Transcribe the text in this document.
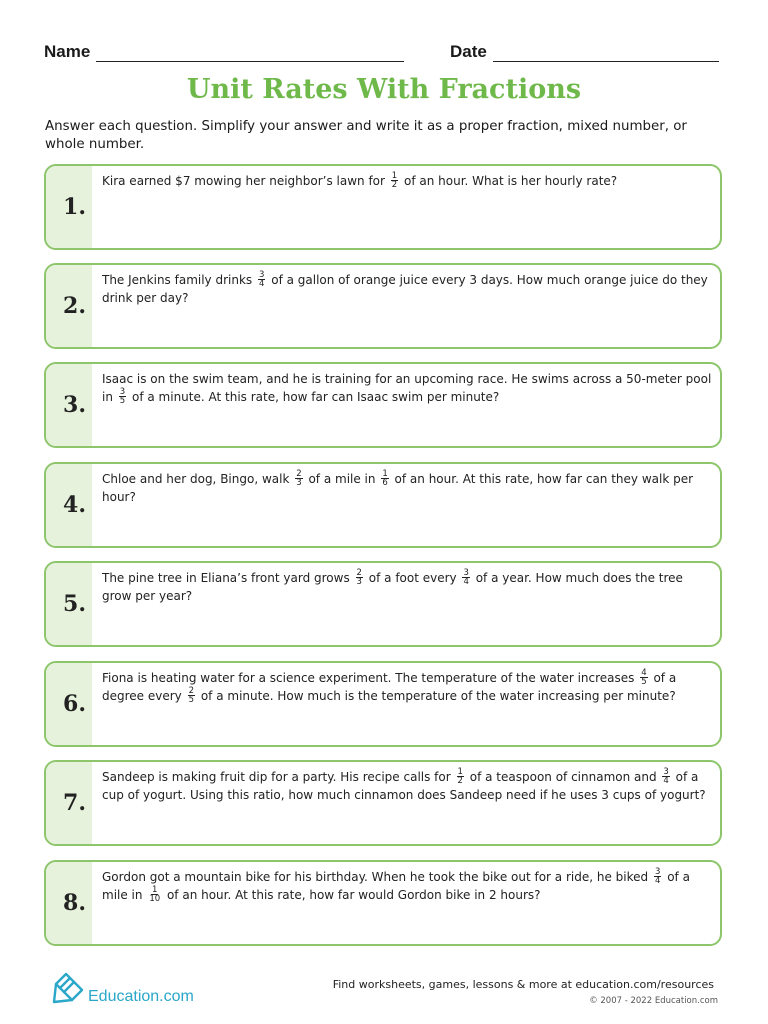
Name	Date
Unit Rates With Fractions
Answer each question. Simplify your answer and write it as a proper fraction, mixed number, or whole number.
1.
Kira earned $7 mowing her neighbor’s lawn for $\frac{1}{2}$ of an hour. What is her hourly rate?
2.
The Jenkins family drinks $\frac{3}{4}$ of a gallon of orange juice every 3 days. How much orange juice do they drink per day?
3.
Isaac is on the swim team, and he is training for an upcoming race. He swims across a 50-meter pool in $\frac{3}{5}$ of a minute. At this rate, how far can Isaac swim per minute?
4.
Chloe and her dog, Bingo, walk $\frac{2}{3}$ of a mile in $\frac{1}{6}$ of an hour. At this rate, how far can they walk per hour?
5.
The pine tree in Eliana’s front yard grows $\frac{2}{3}$ of a foot every $\frac{3}{4}$ of a year. How much does the tree grow per year?
6.
Fiona is heating water for a science experiment. The temperature of the water increases $\frac{4}{5}$ of a degree every $\frac{2}{5}$ of a minute. How much is the temperature of the water increasing per minute?
7.
Sandeep is making fruit dip for a party. His recipe calls for $\frac{1}{2}$ of a teaspoon of cinnamon and $\frac{3}{4}$ of a cup of yogurt. Using this ratio, how much cinnamon does Sandeep need if he uses 3 cups of yogurt?
8.
Gordon got a mountain bike for his birthday. When he took the bike out for a ride, he biked $\frac{3}{4}$ of a mile in $\frac{1}{10}$ of an hour. At this rate, how far would Gordon bike in 2 hours?
Education.com
Find worksheets, games, lessons & more at education.com/resources
© 2007 - 2022 Education.com
